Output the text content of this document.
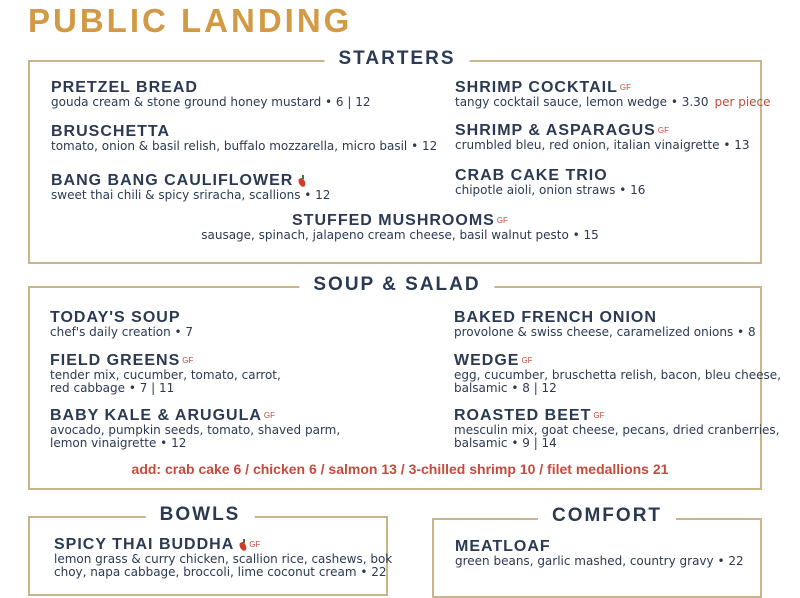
PUBLIC LANDING
STARTERS
PRETZEL BREAD
gouda cream & stone ground honey mustard • 6 | 12
BRUSCHETTA
tomato, onion & basil relish, buffalo mozzarella, micro basil • 12
BANG BANG CAULIFLOWER
sweet thai chili & spicy sriracha, scallions • 12
SHRIMP COCKTAIL $^{GF}$
tangy cocktail sauce, lemon wedge • 3.30 per piece
SHRIMP & ASPARAGUS $^{GF}$
crumbled bleu, red onion, italian vinaigrette • 13
CRAB CAKE TRIO
chipotle aioli, onion straws • 16
STUFFED MUSHROOMS $^{GF}$
sausage, spinach, jalapeno cream cheese, basil walnut pesto • 15
SOUP & SALAD
TODAY'S SOUP
chef's daily creation • 7
FIELD GREENS $^{GF}$
tender mix, cucumber, tomato, carrot,
red cabbage • 7 | 11
BABY KALE & ARUGULA $^{GF}$
avocado, pumpkin seeds, tomato, shaved parm,
lemon vinaigrette • 12
BAKED FRENCH ONION
provolone & swiss cheese, caramelized onions • 8
WEDGE $^{GF}$
egg, cucumber, bruschetta relish, bacon, bleu cheese,
balsamic • 8 | 12
ROASTED BEET $^{GF}$
mesculin mix, goat cheese, pecans, dried cranberries,
balsamic • 9 | 14
add: crab cake 6 / chicken 6 / salmon 13 / 3-chilled shrimp 10 / filet medallions 21
BOWLS
SPICY THAI BUDDHA $^{GF}$
lemon grass & curry chicken, scallion rice, cashews, bok
choy, napa cabbage, broccoli, lime coconut cream • 22
COMFORT
MEATLOAF
green beans, garlic mashed, country gravy • 22
